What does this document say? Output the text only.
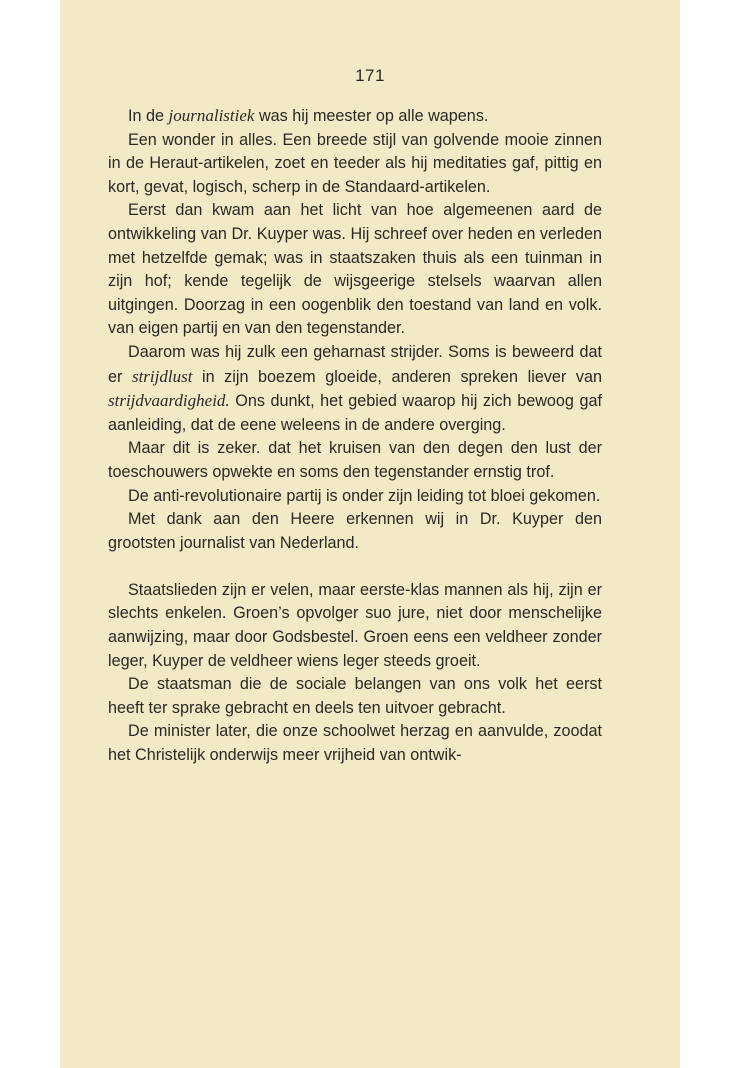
171

In de journalistiek was hij meester op alle wapens.

Een wonder in alles. Een breede stijl van golvende mooie zinnen in de Heraut-artikelen, zoet en teeder als hij meditaties gaf, pittig en kort, gevat, logisch, scherp in de Standaard-artikelen.

Eerst dan kwam aan het licht van hoe algemeenen aard de ontwikkeling van Dr. Kuyper was. Hij schreef over heden en verleden met hetzelfde gemak; was in staatszaken thuis als een tuinman in zijn hof; kende tegelijk de wijsgeerige stelsels waarvan allen uitgingen. Doorzag in een oogenblik den toestand van land en volk. van eigen partij en van den tegenstander.

Daarom was hij zulk een geharnast strijder. Soms is beweerd dat er strijdlust in zijn boezem gloeide, anderen spreken liever van strijdvaardigheid. Ons dunkt, het gebied waarop hij zich bewoog gaf aanleiding, dat de eene weleens in de andere overging.

Maar dit is zeker. dat het kruisen van den degen den lust der toeschouwers opwekte en soms den tegenstander ernstig trof.

De anti-revolutionaire partij is onder zijn leiding tot bloei gekomen.

Met dank aan den Heere erkennen wij in Dr. Kuyper den grootsten journalist van Nederland.

Staatslieden zijn er velen, maar eerste-klas mannen als hij, zijn er slechts enkelen. Groen’s opvolger suo jure, niet door menschelijke aanwijzing, maar door Godsbestel. Groen eens een veldheer zonder leger, Kuyper de veldheer wiens leger steeds groeit.

De staatsman die de sociale belangen van ons volk het eerst heeft ter sprake gebracht en deels ten uitvoer gebracht.

De minister later, die onze schoolwet herzag en aanvulde, zoodat het Christelijk onderwijs meer vrijheid van ontwik-
